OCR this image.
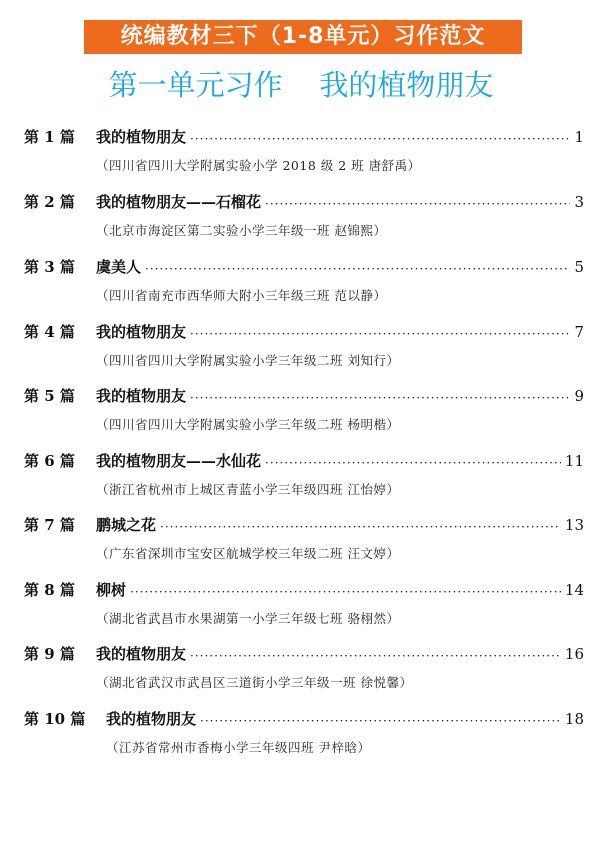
统编教材三下（1-8单元）习作范文
第一单元习作    我的植物朋友
第 1 篇	我的植物朋友 ·····	1
（四川省四川大学附属实验小学 2018 级 2 班 唐舒禹）
第 2 篇	我的植物朋友——石榴花 ·····	3
（北京市海淀区第二实验小学三年级一班 赵锦熙）
第 3 篇	虞美人 ·····	5
（四川省南充市西华师大附小三年级三班 范以静）
第 4 篇	我的植物朋友 ·····	7
（四川省四川大学附属实验小学三年级二班 刘知行）
第 5 篇	我的植物朋友 ·····	9
（四川省四川大学附属实验小学三年级二班 杨明楷）
第 6 篇	我的植物朋友——水仙花 ·····	11
（浙江省杭州市上城区青蓝小学三年级四班 江怡婷）
第 7 篇	鹏城之花 ·····	13
（广东省深圳市宝安区航城学校三年级二班 汪文婷）
第 8 篇	柳树 ·····	14
（湖北省武昌市水果湖第一小学三年级七班 骆栩然）
第 9 篇	我的植物朋友 ·····	16
（湖北省武汉市武昌区三道街小学三年级一班 徐悦馨）
第 10 篇	我的植物朋友 ·····	18
（江苏省常州市香梅小学三年级四班 尹梓晗）
